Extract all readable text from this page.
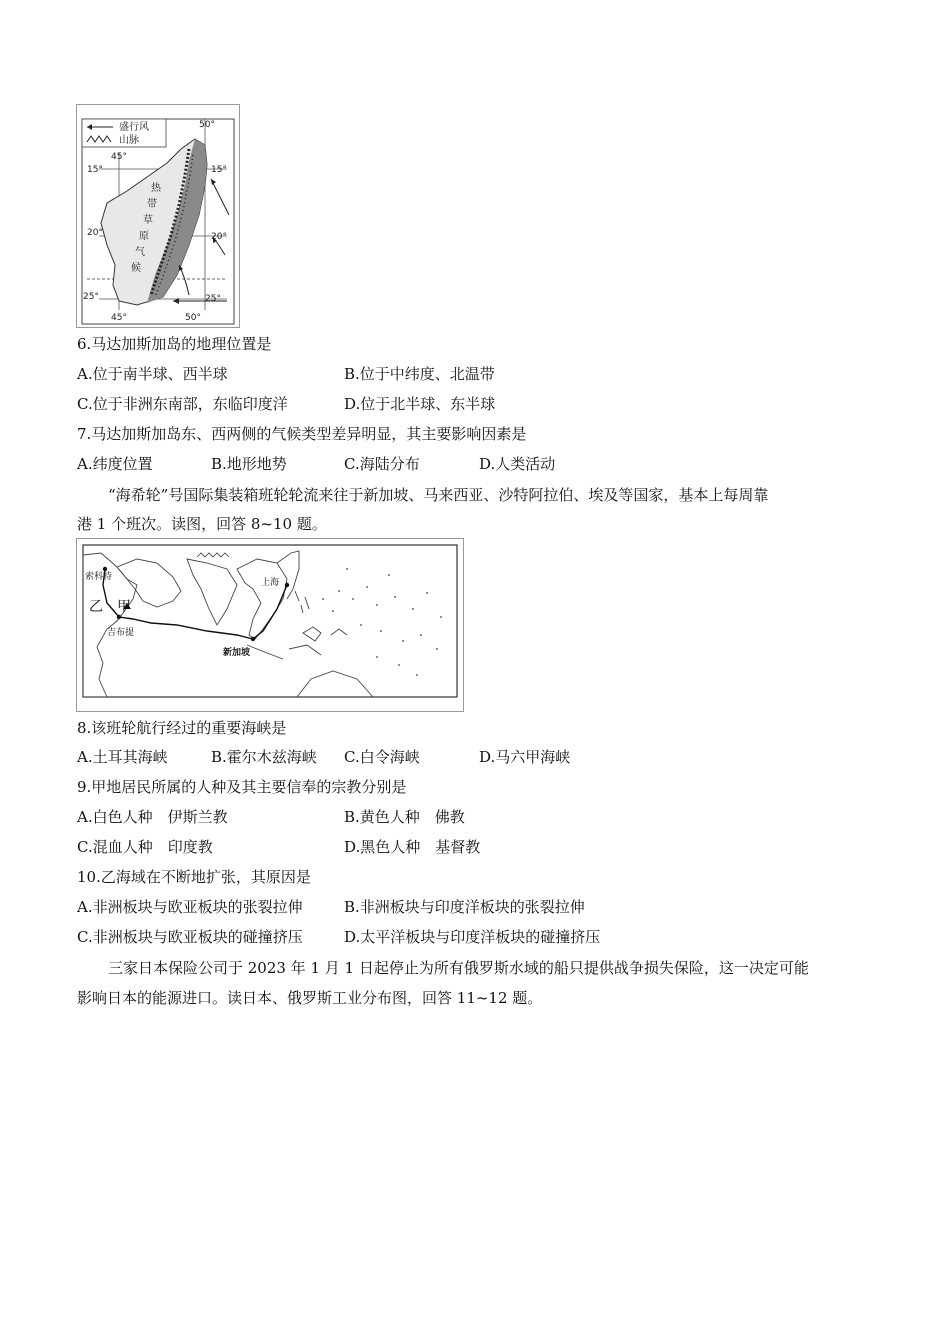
盛行风
山脉
45°
50°
15°	15°
20°	20°
25°	25°
45°	50°
热
带
草
原
气
候
6.马达加斯加岛的地理位置是
A.位于南半球、西半球	B.位于中纬度、北温带
C.位于非洲东南部，东临印度洋	D.位于北半球、东半球
7.马达加斯加岛东、西两侧的气候类型差异明显，其主要影响因素是
A.纬度位置	B.地形地势	C.海陆分布	D.人类活动
“海希轮”号国际集装箱班轮轮流来往于新加坡、马来西亚、沙特阿拉伯、埃及等国家，基本上每周靠
港 1 个班次。读图，回答 8~10 题。
上海
索科特
甲
乙
吉布提
新加坡
8.该班轮航行经过的重要海峡是
A.土耳其海峡	B.霍尔木兹海峡 C.白令海峡	D.马六甲海峡
9.甲地居民所属的人种及其主要信奉的宗教分别是
A.白色人种　伊斯兰教	B.黄色人种　佛教
C.混血人种　印度教	D.黑色人种　基督教
10.乙海域在不断地扩张，其原因是
A.非洲板块与欧亚板块的张裂拉伸	B.非洲板块与印度洋板块的张裂拉伸
C.非洲板块与欧亚板块的碰撞挤压	D.太平洋板块与印度洋板块的碰撞挤压
三家日本保险公司于 2023 年 1 月 1 日起停止为所有俄罗斯水域的船只提供战争损失保险，这一决定可能
影响日本的能源进口。读日本、俄罗斯工业分布图，回答 11~12 题。
